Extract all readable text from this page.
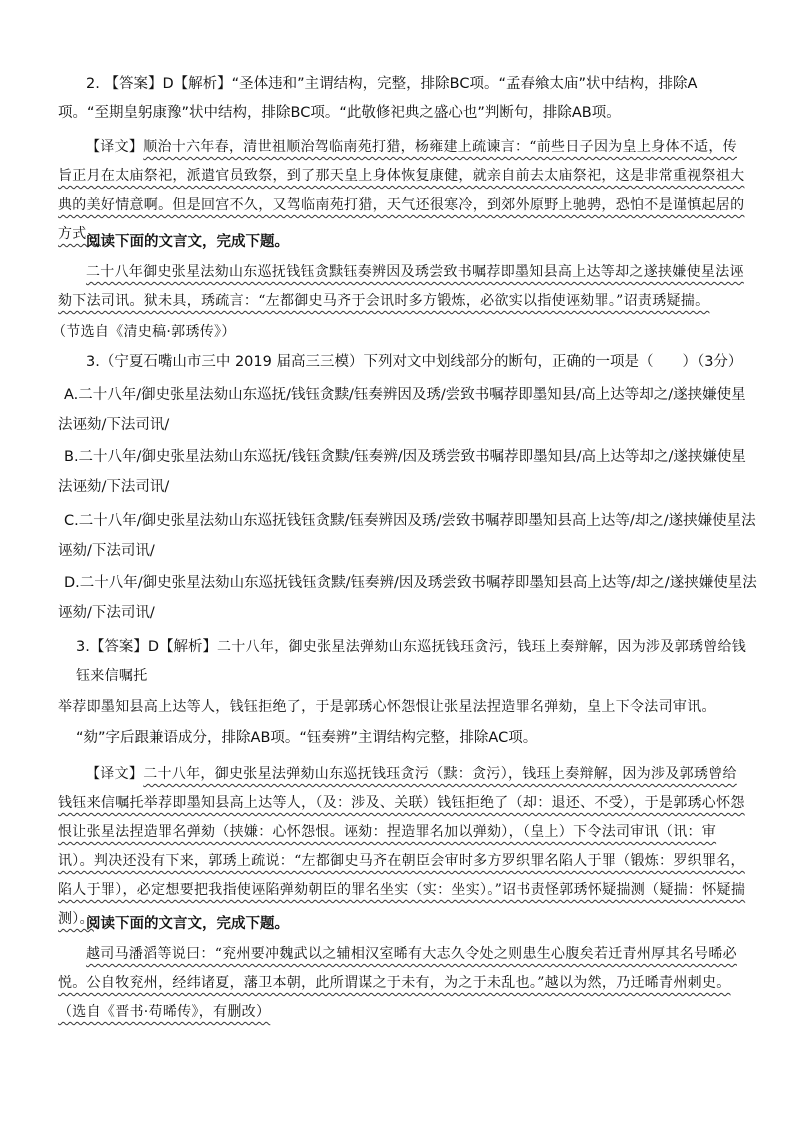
2. 【答案】D【解析】“圣体违和”主谓结构，完整，排除BC项。“孟春飨太庙”状中结构，排除A项。“至期皇躬康豫”状中结构，排除BC项。“此敬修祀典之盛心也”判断句，排除AB项。
【译文】顺治十六年春，清世祖顺治驾临南苑打猎，杨雍建上疏谏言：“前些日子因为皇上身体不适，传旨正月在太庙祭祀，派遣官员致祭，到了那天皇上身体恢复康健，就亲自前去太庙祭祀，这是非常重视祭祖大典的美好情意啊。但是回宫不久，又驾临南苑打猎，天气还很寒冷，到郊外原野上驰骋，恐怕不是谨慎起居的方式。
阅读下面的文言文，完成下题。
二十八年御史张星法劾山东巡抚钱钰贪黩钰奏辨因及琇尝致书嘱荐即墨知县高上达等却之遂挟嫌使星法诬劾下法司讯。狱未具，琇疏言：“左都御史马齐于会讯时多方锻炼，必欲实以指使诬劾罪。”诏责琇疑揣。
（节选自《清史稿·郭琇传》）
3.（宁夏石嘴山市三中 2019 届高三三模）下列对文中划线部分的断句，正确的一项是（　　）（3分）
A.二十八年/御史张星法劾山东巡抚/钱钰贪黩/钰奏辨因及琇/尝致书嘱荐即墨知县/高上达等却之/遂挟嫌使星法诬劾/下法司讯/
B.二十八年/御史张星法劾山东巡抚/钱钰贪黩/钰奏辨/因及琇尝致书嘱荐即墨知县/高上达等却之/遂挟嫌使星法诬劾/下法司讯/
C.二十八年/御史张星法劾山东巡抚钱钰贪黩/钰奏辨因及琇/尝致书嘱荐即墨知县高上达等/却之/遂挟嫌使星法诬劾/下法司讯/
D.二十八年/御史张星法劾山东巡抚钱钰贪黩/钰奏辨/因及琇尝致书嘱荐即墨知县高上达等/却之/遂挟嫌使星法诬劾/下法司讯/
3.【答案】D【解析】二十八年，御史张星法弹劾山东巡抚钱珏贪污，钱珏上奏辩解，因为涉及郭琇曾给钱钰来信嘱托
举荐即墨知县高上达等人，钱钰拒绝了，于是郭琇心怀怨恨让张星法捏造罪名弹劾，皇上下令法司审讯。
“劾”字后跟兼语成分，排除AB项。“钰奏辨”主谓结构完整，排除AC项。
【译文】二十八年，御史张星法弹劾山东巡抚钱珏贪污（黩：贪污），钱珏上奏辩解，因为涉及郭琇曾给钱钰来信嘱托举荐即墨知县高上达等人，（及：涉及、关联）钱钰拒绝了（却：退还、不受），于是郭琇心怀怨恨让张星法捏造罪名弹劾（挟嫌：心怀怨恨。诬劾：捏造罪名加以弹劾），（皇上）下令法司审讯（讯：审讯）。判决还没有下来，郭琇上疏说：“左都御史马齐在朝臣会审时多方罗织罪名陷人于罪（锻炼：罗织罪名，陷人于罪），必定想要把我指使诬陷弹劾朝臣的罪名坐实（实：坐实）。”诏书责怪郭琇怀疑揣测（疑揣：怀疑揣测）。
阅读下面的文言文，完成下题。
越司马潘滔等说曰：“兖州要冲魏武以之辅相汉室晞有大志久令处之则患生心腹矣若迁青州厚其名号晞必悦。公自牧兖州，经纬诸夏，藩卫本朝，此所谓谋之于未有，为之于未乱也。”越以为然，乃迁晞青州刺史。（选自《晋书·苟晞传》，有删改）
